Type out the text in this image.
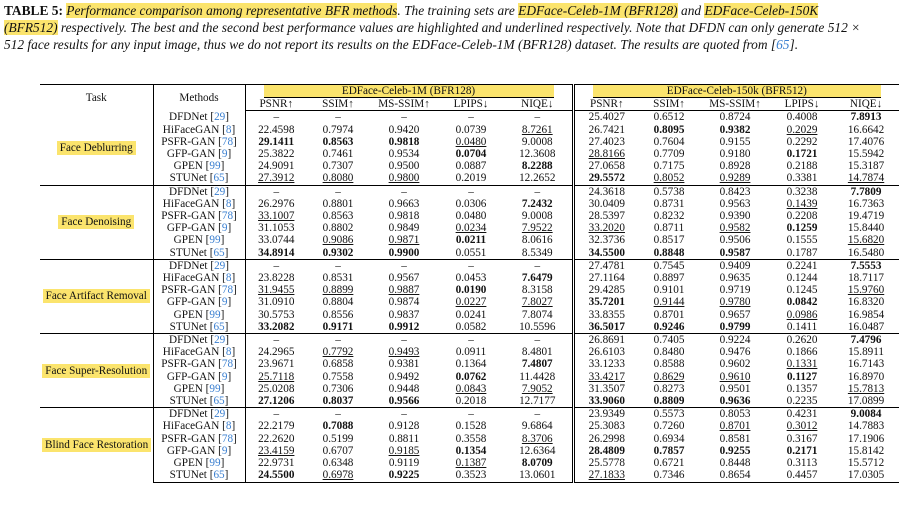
TABLE 5: Performance comparison among representative BFR methods. The training sets are EDFace-Celeb-1M (BFR128) and EDFace-Celeb-150K (BFR512) respectively. The best and the second best performance values are highlighted and underlined respectively. Note that DFDN can only generate 512 × 512 face results for any input image, thus we do not report its results on the EDFace-Celeb-1M (BFR128) dataset. The results are quoted from [65].
Task	Methods	EDFace-Celeb-1M (BFR128)					EDFace-Celeb-150k (BFR512)				

		PSNR↑	SSIM↑	MS-SSIM↑	LPIPS↓	NIQE↓	PSNR↑	SSIM↑	MS-SSIM↑	LPIPS↓	NIQE↓
Face Deblurring	DFDNet [29]	–	–	–	–	–	25.4027	0.6512	0.8724	0.4008	7.8913
	HiFaceGAN [8]	22.4598	0.7974	0.9420	0.0739	8.7261	26.7421	0.8095	0.9382	0.2029	16.6642
	PSFR-GAN [78]	29.1411	0.8563	0.9818	0.0480	9.0008	27.4023	0.7604	0.9155	0.2292	17.4076
	GFP-GAN [9]	25.3822	0.7461	0.9534	0.0704	12.3608	28.8166	0.7709	0.9180	0.1721	15.5942
	GPEN [99]	24.9091	0.7307	0.9500	0.0887	8.2288	27.0658	0.7175	0.8928	0.2188	15.3187
	STUNet [65]	27.3912	0.8080	0.9800	0.2019	12.2652	29.5572	0.8052	0.9289	0.3381	14.7874
Face Denoising	DFDNet [29]	–	–	–	–	–	24.3618	0.5738	0.8423	0.3238	7.7809
	HiFaceGAN [8]	26.2976	0.8801	0.9663	0.0306	7.2432	30.0409	0.8731	0.9563	0.1439	16.7363
	PSFR-GAN [78]	33.1007	0.8563	0.9818	0.0480	9.0008	28.5397	0.8232	0.9390	0.2208	19.4719
	GFP-GAN [9]	31.1053	0.8802	0.9849	0.0234	7.9522	33.2020	0.8711	0.9582	0.1259	15.8440
	GPEN [99]	33.0744	0.9086	0.9871	0.0211	8.0616	32.3736	0.8517	0.9506	0.1555	15.6820
	STUNet [65]	34.8914	0.9302	0.9900	0.0551	8.5349	34.5500	0.8848	0.9587	0.1787	16.5480
Face Artifact Removal	DFDNet [29]	–	–	–	–	–	27.4781	0.7545	0.9409	0.2241	7.5553
	HiFaceGAN [8]	23.8228	0.8531	0.9567	0.0453	7.6479	27.1164	0.8897	0.9635	0.1244	18.7117
	PSFR-GAN [78]	31.9455	0.8899	0.9887	0.0190	8.3158	29.4285	0.9101	0.9719	0.1245	15.9760
	GFP-GAN [9]	31.0910	0.8804	0.9874	0.0227	7.8027	35.7201	0.9144	0.9780	0.0842	16.8320
	GPEN [99]	30.5753	0.8556	0.9837	0.0241	7.8074	33.8355	0.8701	0.9657	0.0986	16.9854
	STUNet [65]	33.2082	0.9171	0.9912	0.0582	10.5596	36.5017	0.9246	0.9799	0.1411	16.0487
Face Super-Resolution	DFDNet [29]	–	–	–	–	–	26.8691	0.7405	0.9224	0.2620	7.4796
	HiFaceGAN [8]	24.2965	0.7792	0.9493	0.0911	8.4801	26.6103	0.8480	0.9476	0.1866	15.8911
	PSFR-GAN [78]	23.9671	0.6858	0.9381	0.1364	7.4807	33.1233	0.8588	0.9602	0.1331	16.7143
	GFP-GAN [9]	25.7118	0.7558	0.9492	0.0762	11.4428	33.4217	0.8629	0.9610	0.1127	16.8970
	GPEN [99]	25.0208	0.7306	0.9448	0.0843	7.9052	31.3507	0.8273	0.9501	0.1357	15.7813
	STUNet [65]	27.1206	0.8037	0.9566	0.2018	12.7177	33.9060	0.8809	0.9636	0.2235	17.0899
Blind Face Restoration	DFDNet [29]	–	–	–	–	–	23.9349	0.5573	0.8053	0.4231	9.0084
	HiFaceGAN [8]	22.2179	0.7088	0.9128	0.1528	9.6864	25.3083	0.7260	0.8701	0.3012	14.7883
	PSFR-GAN [78]	22.2620	0.5199	0.8811	0.3558	8.3706	26.2998	0.6934	0.8581	0.3167	17.1906
	GFP-GAN [9]	23.4159	0.6707	0.9185	0.1354	12.6364	28.4809	0.7857	0.9255	0.2171	15.8142
	GPEN [99]	22.9731	0.6348	0.9119	0.1387	8.0709	25.5778	0.6721	0.8448	0.3113	15.5712
	STUNet [65]	24.5500	0.6978	0.9225	0.3523	13.0601	27.1833	0.7346	0.8654	0.4457	17.0305
